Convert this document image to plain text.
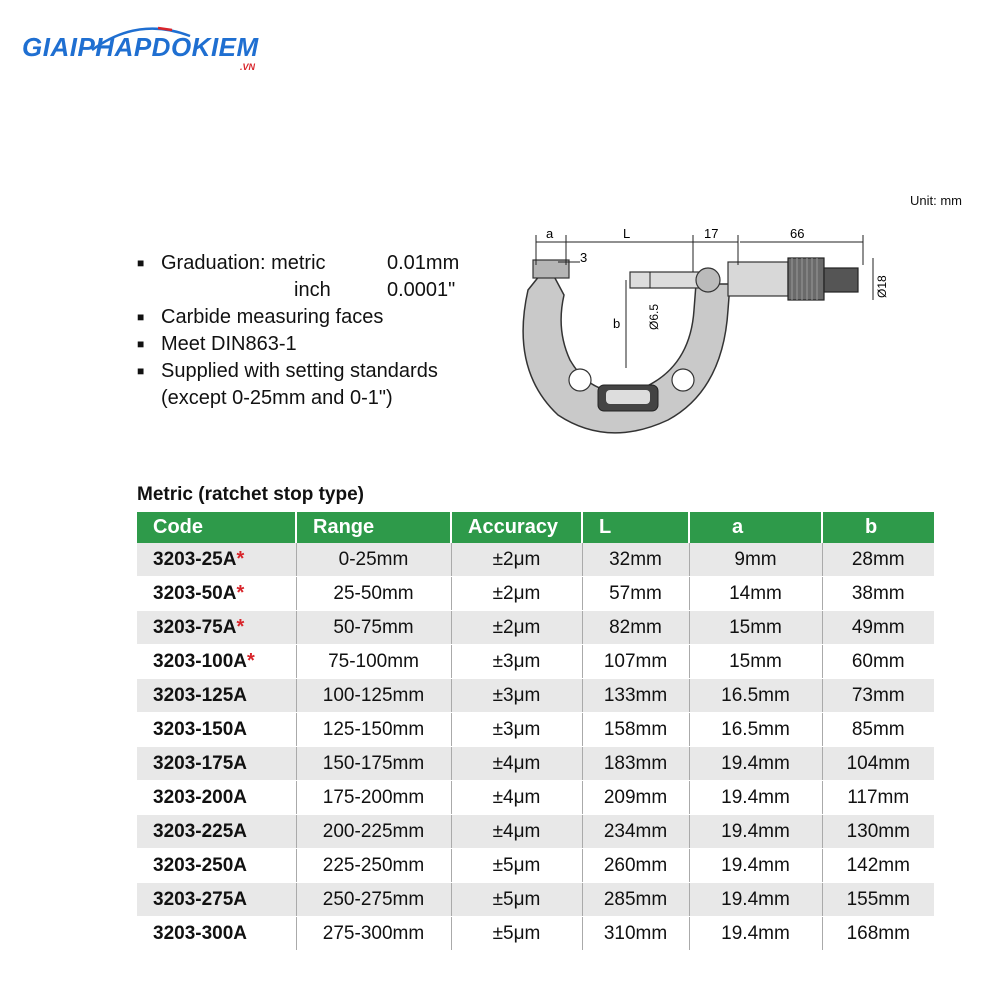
GIAIPHAPDOKIEM
.VN
Unit: mm
■ Graduation: metric	0.01mm
inch	0.0001"
■ Carbide measuring faces
■ Meet DIN863-1
■ Supplied with setting standards
(except 0-25mm and 0-1")
a	L	17	66
3
b Ø6.5
Ø18
Metric (ratchet stop type)
Code	Range	Accuracy	L	a	b
3203-25A*	0-25mm	±2μm	32mm	9mm	28mm
3203-50A*	25-50mm	±2μm	57mm	14mm	38mm
3203-75A*	50-75mm	±2μm	82mm	15mm	49mm
3203-100A*	75-100mm	±3μm	107mm	15mm	60mm
3203-125A	100-125mm	±3μm	133mm	16.5mm	73mm
3203-150A	125-150mm	±3μm	158mm	16.5mm	85mm
3203-175A	150-175mm	±4μm	183mm	19.4mm	104mm
3203-200A	175-200mm	±4μm	209mm	19.4mm	117mm
3203-225A	200-225mm	±4μm	234mm	19.4mm	130mm
3203-250A	225-250mm	±5μm	260mm	19.4mm	142mm
3203-275A	250-275mm	±5μm	285mm	19.4mm	155mm
3203-300A	275-300mm	±5μm	310mm	19.4mm	168mm
